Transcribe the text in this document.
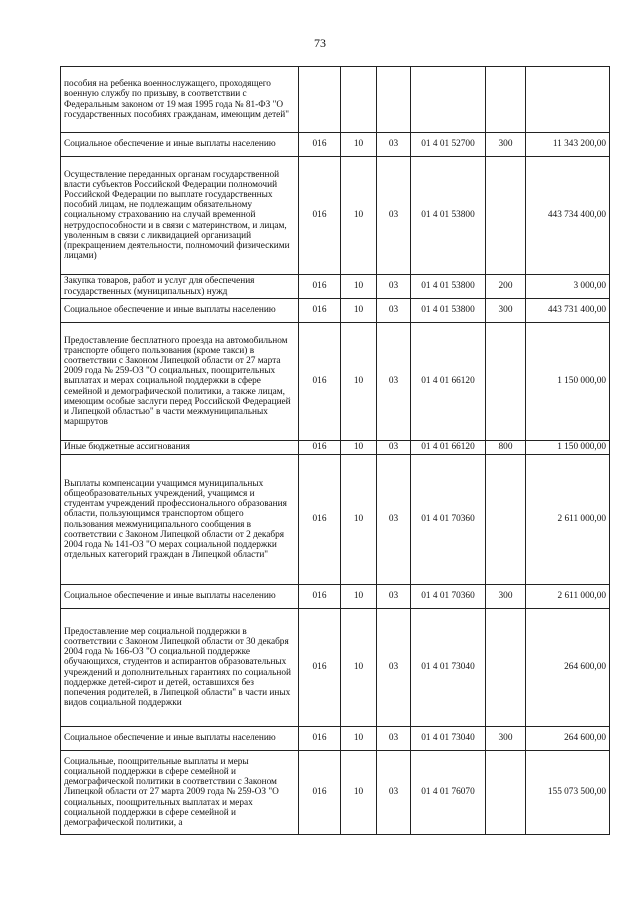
73
пособия на ребенка военнослужащего, проходящего военную службу по призыву, в соответствии с Федеральным законом от 19 мая 1995 года № 81-ФЗ "О государственных пособиях гражданам, имеющим детей"						
Социальное обеспечение и иные выплаты населению	016	10	03	01 4 01 52700	300	11 343 200,00
Осуществление переданных органам государственной власти субъектов Российской Федерации полномочий Российской Федерации по выплате государственных пособий лицам, не подлежащим обязательному социальному страхованию на случай временной нетрудоспособности и в связи с материнством, и лицам, уволенным в связи с ликвидацией организаций (прекращением деятельности, полномочий физическими лицами)	016	10	03	01 4 01 53800		443 734 400,00
Закупка товаров, работ и услуг для обеспечения государственных (муниципальных) нужд	016	10	03	01 4 01 53800	200	3 000,00
Социальное обеспечение и иные выплаты населению	016	10	03	01 4 01 53800	300	443 731 400,00
Предоставление бесплатного проезда на автомобильном транспорте общего пользования (кроме такси) в соответствии с Законом Липецкой области от 27 марта 2009 года № 259-ОЗ "О социальных, поощрительных выплатах и мерах социальной поддержки в сфере семейной и демографической политики, а также лицам, имеющим особые заслуги перед Российской Федерацией и Липецкой областью" в части межмуниципальных маршрутов	016	10	03	01 4 01 66120		1 150 000,00
Иные бюджетные ассигнования	016	10	03	01 4 01 66120	800	1 150 000,00
Выплаты компенсации учащимся муниципальных общеобразовательных учреждений, учащимся и студентам учреждений профессионального образования области, пользующимся транспортом общего пользования межмуниципального сообщения в соответствии с Законом Липецкой области от 2 декабря 2004 года № 141-ОЗ "О мерах социальной поддержки отдельных категорий граждан в Липецкой области"	016	10	03	01 4 01 70360		2 611 000,00
Социальное обеспечение и иные выплаты населению	016	10	03	01 4 01 70360	300	2 611 000,00
Предоставление мер социальной поддержки в соответствии с Законом Липецкой области от 30 декабря 2004 года № 166-ОЗ "О социальной поддержке обучающихся, студентов и аспирантов образовательных учреждений и дополнительных гарантиях по социальной поддержке детей-сирот и детей, оставшихся без попечения родителей, в Липецкой области" в части иных видов социальной поддержки	016	10	03	01 4 01 73040		264 600,00
Социальное обеспечение и иные выплаты населению	016	10	03	01 4 01 73040	300	264 600,00
Социальные, поощрительные выплаты и меры социальной поддержки в сфере семейной и демографической политики в соответствии с Законом Липецкой области от 27 марта 2009 года № 259-ОЗ "О социальных, поощрительных выплатах и мерах социальной поддержки в сфере семейной и демографической политики, а	016	10	03	01 4 01 76070		155 073 500,00
